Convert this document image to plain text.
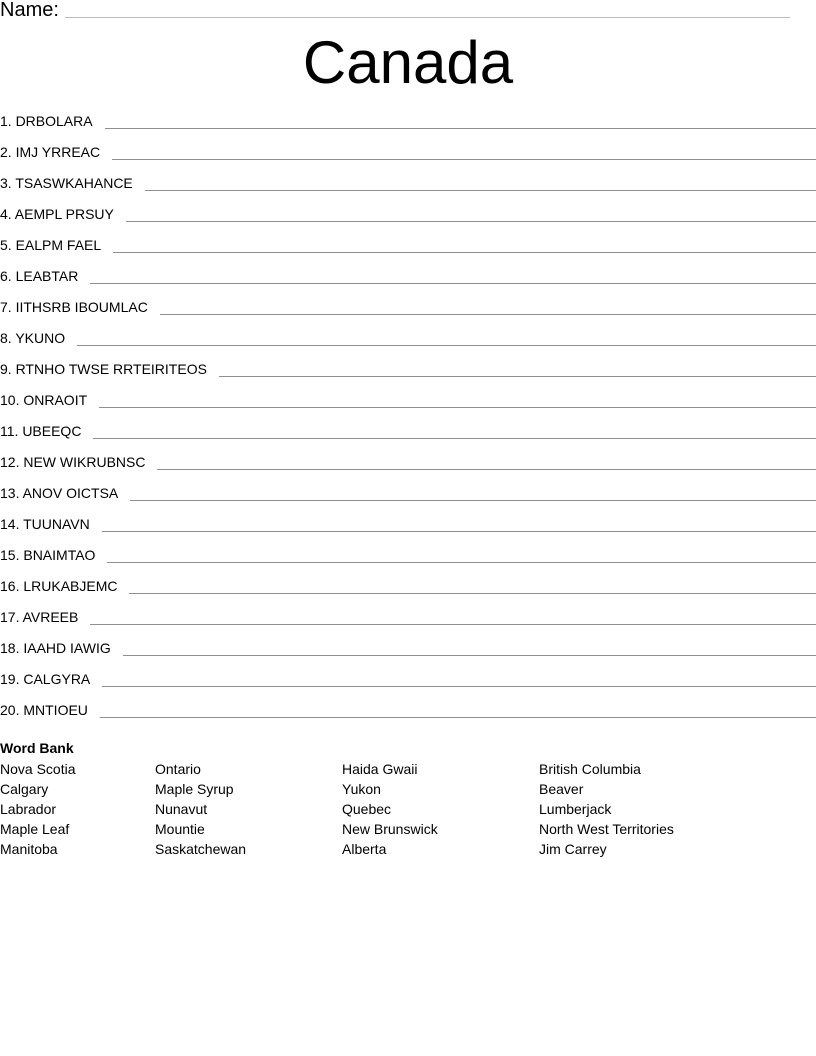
Name:
Canada
1. DRBOLARA
2. IMJ YRREAC
3. TSASWKAHANCE
4. AEMPL PRSUY
5. EALPM FAEL
6. LEABTAR
7. IITHSRB IBOUMLAC
8. YKUNO
9. RTNHO TWSE RRTEIRITEOS
10. ONRAOIT
11. UBEEQC
12. NEW WIKRUBNSC
13. ANOV OICTSA
14. TUUNAVN
15. BNAIMTAO
16. LRUKABJEMC
17. AVREEB
18. IAAHD IAWIG
19. CALGYRA
20. MNTIOEU
Word Bank
Nova Scotia
Calgary
Labrador
Maple Leaf
Manitoba
Ontario
Maple Syrup
Nunavut
Mountie
Saskatchewan
Haida Gwaii
Yukon
Quebec
New Brunswick
Alberta
British Columbia
Beaver
Lumberjack
North West Territories
Jim Carrey
